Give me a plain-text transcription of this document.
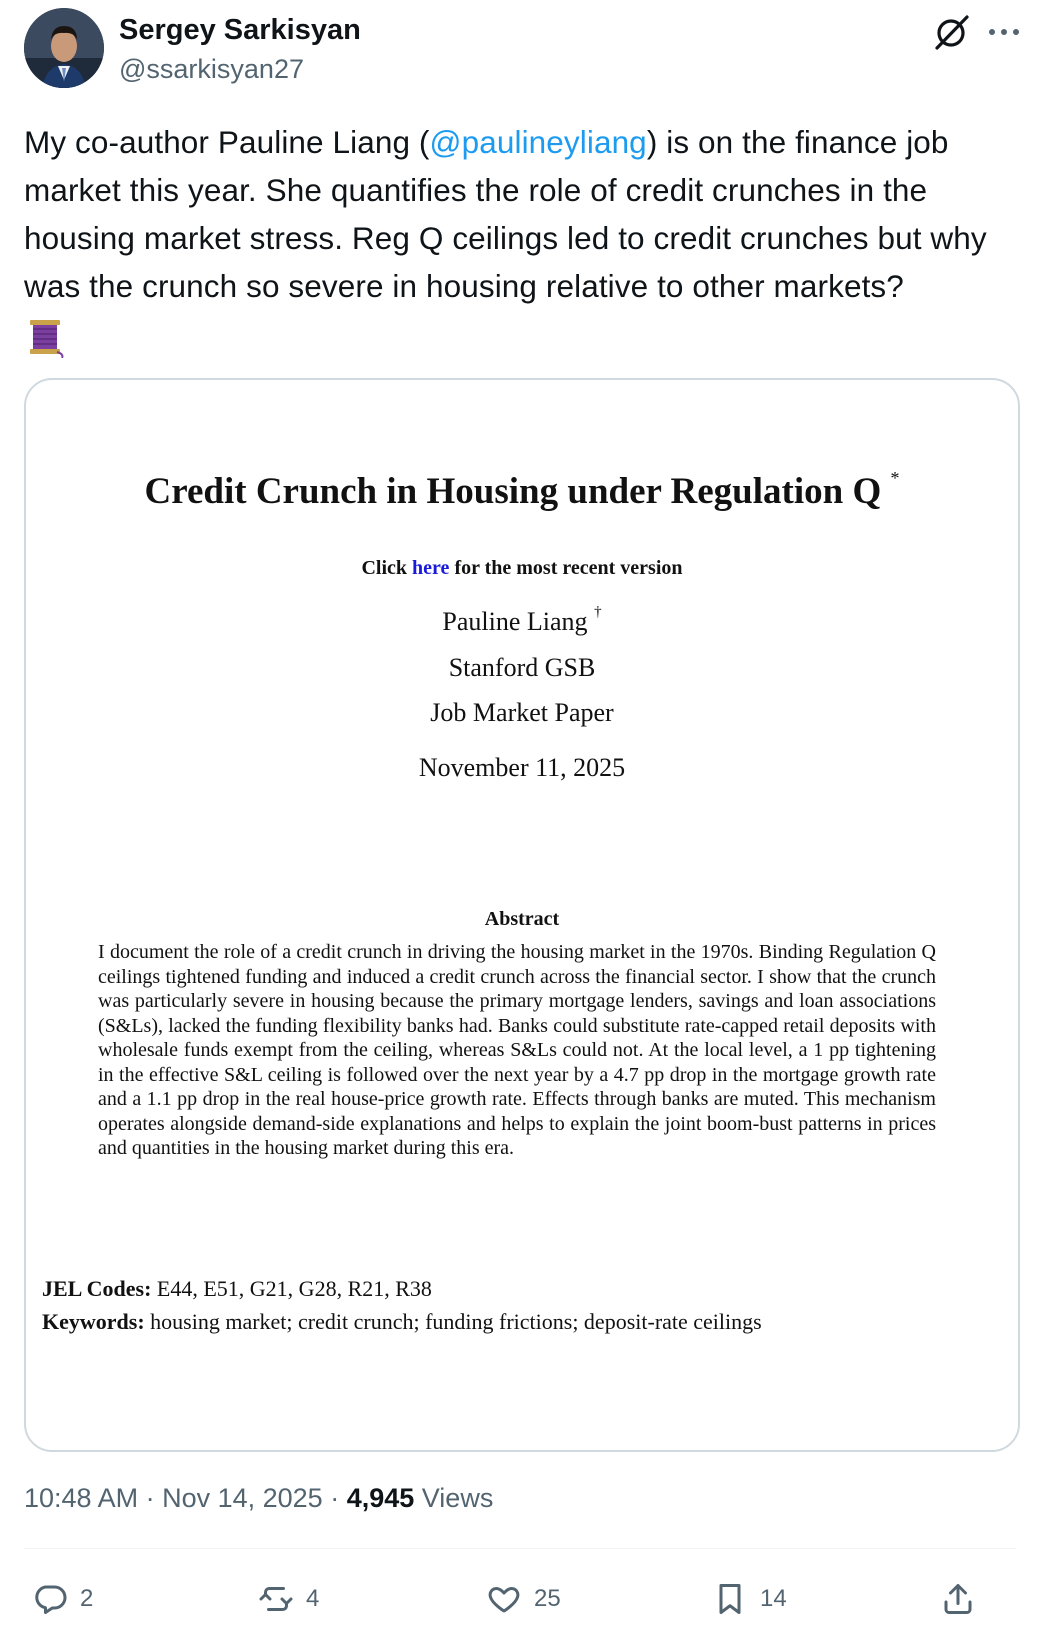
Sergey Sarkisyan
@ssarkisyan27
My co-author Pauline Liang (@paulineyliang) is on the finance job market this year. She quantifies the role of credit crunches in the housing market stress. Reg Q ceilings led to credit crunches but why was the crunch so severe in housing relative to other markets?

Credit Crunch in Housing under Regulation Q *
Click here for the most recent version
Pauline Liang †
Stanford GSB
Job Market Paper
November 11, 2025
Abstract
I document the role of a credit crunch in driving the housing market in the 1970s. Binding Regulation Q ceilings tightened funding and induced a credit crunch across the financial sector. I show that the crunch was particularly severe in housing because the primary mortgage lenders, savings and loan associations (S&Ls), lacked the funding flexibility banks had. Banks could substitute rate-capped retail deposits with wholesale funds exempt from the ceiling, whereas S&Ls could not. At the local level, a 1 pp tightening in the effective S&L ceiling is followed over the next year by a 4.7 pp drop in the mortgage growth rate and a 1.1 pp drop in the real house-price growth rate. Effects through banks are muted. This mechanism operates alongside demand-side explanations and helps to explain the joint boom-bust patterns in prices and quantities in the housing market during this era.
JEL Codes: E44, E51, G21, G28, R21, R38
Keywords: housing market; credit crunch; funding frictions; deposit-rate ceilings
10:48 AM · Nov 14, 2025 · 4,945 Views
2	4	25	14
